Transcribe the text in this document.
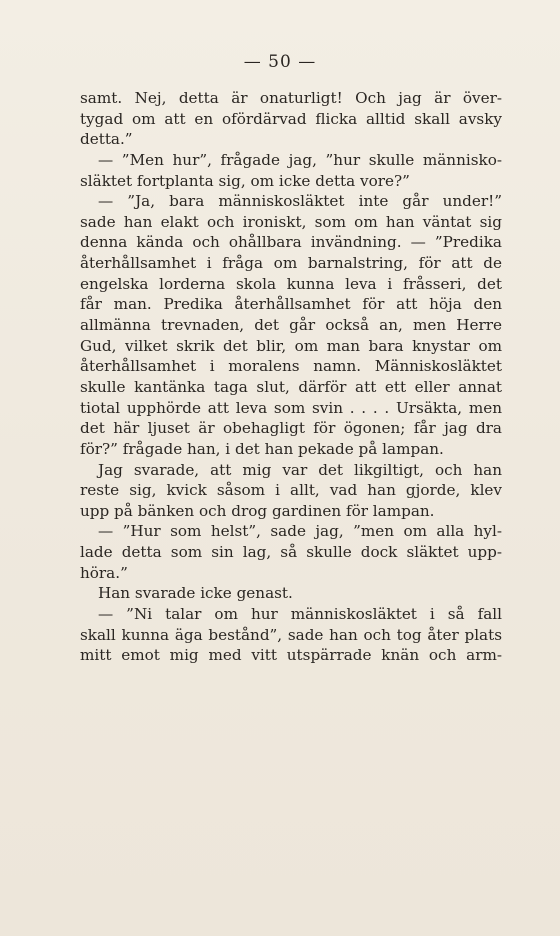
— 50 —
samt. Nej, detta är onaturligt! Och jag är över-
tygad om att en ofördärvad flicka alltid skall avsky
detta.”
— ”Men hur”, frågade jag, ”hur skulle människo-
släktet fortplanta sig, om icke detta vore?”
— ”Ja, bara människosläktet inte går under!”
sade han elakt och ironiskt, som om han väntat sig
denna kända och ohållbara invändning. — ”Predika
återhållsamhet i fråga om barnalstring, för att de
engelska lorderna skola kunna leva i fråsseri, det
får man. Predika återhållsamhet för att höja den
allmänna trevnaden, det går också an, men Herre
Gud, vilket skrik det blir, om man bara knystar om
återhållsamhet i moralens namn. Människosläktet
skulle kantänka taga slut, därför att ett eller annat
tiotal upphörde att leva som svin . . . . Ursäkta, men
det här ljuset är obehagligt för ögonen; får jag dra
för?” frågade han, i det han pekade på lampan.
Jag svarade, att mig var det likgiltigt, och han
reste sig, kvick såsom i allt, vad han gjorde, klev
upp på bänken och drog gardinen för lampan.
— ”Hur som helst”, sade jag, ”men om alla hyl-
lade detta som sin lag, så skulle dock släktet upp-
höra.”
Han svarade icke genast.
— ”Ni talar om hur människosläktet i så fall
skall kunna äga bestånd”, sade han och tog åter plats
mitt emot mig med vitt utspärrade knän och arm-
